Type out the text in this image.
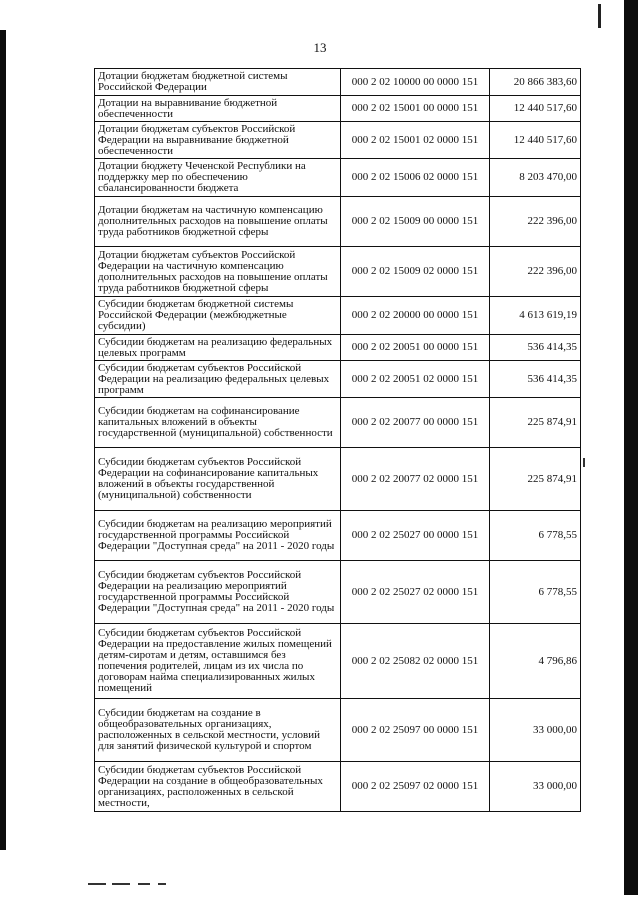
13
Дотации бюджетам бюджетной системы Российской Федерации	000 2 02 10000 00 0000 151	20 866 383,60
Дотации на выравнивание бюджетной обеспеченности	000 2 02 15001 00 0000 151	12 440 517,60
Дотации бюджетам субъектов Российской Федерации на выравнивание бюджетной обеспеченности	000 2 02 15001 02 0000 151	12 440 517,60
Дотации бюджету Чеченской Республики на поддержку мер по обеспечению сбалансированности бюджета	000 2 02 15006 02 0000 151	8 203 470,00
Дотации бюджетам на частичную компенсацию дополнительных расходов на повышение оплаты труда работников бюджетной сферы	000 2 02 15009 00 0000 151	222 396,00
Дотации бюджетам субъектов Российской Федерации на частичную компенсацию дополнительных расходов на повышение оплаты труда работников бюджетной сферы	000 2 02 15009 02 0000 151	222 396,00
Субсидии бюджетам бюджетной системы Российской Федерации (межбюджетные субсидии)	000 2 02 20000 00 0000 151	4 613 619,19
Субсидии бюджетам на реализацию федеральных целевых программ	000 2 02 20051 00 0000 151	536 414,35
Субсидии бюджетам субъектов Российской Федерации на реализацию федеральных целевых программ	000 2 02 20051 02 0000 151	536 414,35
Субсидии бюджетам на софинансирование капитальных вложений в объекты государственной (муниципальной) собственности	000 2 02 20077 00 0000 151	225 874,91
Субсидии бюджетам субъектов Российской Федерации на софинансирование капитальных вложений в объекты государственной (муниципальной) собственности	000 2 02 20077 02 0000 151	225 874,91
Субсидии бюджетам на реализацию мероприятий государственной программы Российской Федерации "Доступная среда" на 2011 - 2020 годы	000 2 02 25027 00 0000 151	6 778,55
Субсидии бюджетам субъектов Российской Федерации на реализацию мероприятий государственной программы Российской Федерации "Доступная среда" на 2011 - 2020 годы	000 2 02 25027 02 0000 151	6 778,55
Субсидии бюджетам субъектов Российской Федерации на предоставление жилых помещений детям-сиротам и детям, оставшимся без попечения родителей, лицам из их числа по договорам найма специализированных жилых помещений	000 2 02 25082 02 0000 151	4 796,86
Субсидии бюджетам на создание в общеобразовательных организациях, расположенных в сельской местности, условий для занятий физической культурой и спортом	000 2 02 25097 00 0000 151	33 000,00
Субсидии бюджетам субъектов Российской Федерации на создание в общеобразовательных организациях, расположенных в сельской местности,	000 2 02 25097 02 0000 151	33 000,00
